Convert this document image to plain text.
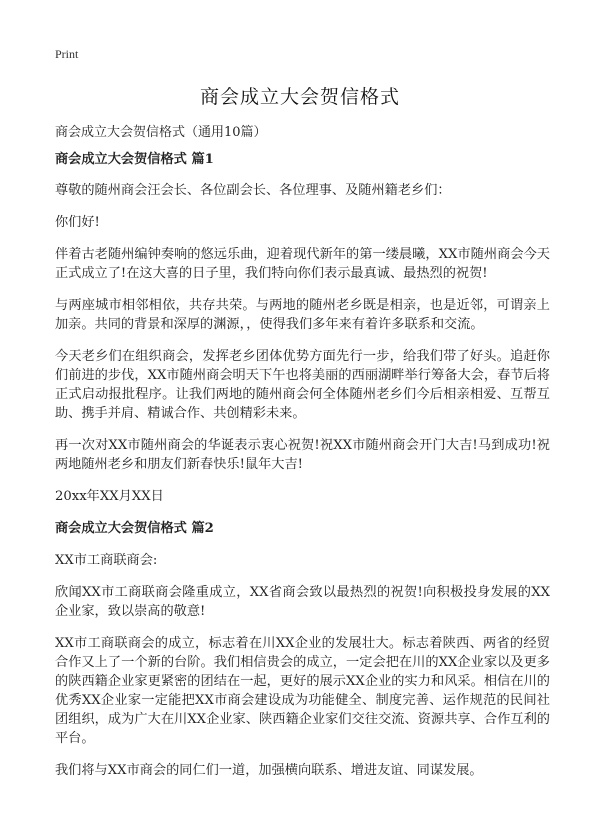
Print
商会成立大会贺信格式
商会成立大会贺信格式（通用10篇）

商会成立大会贺信格式 篇1

尊敬的随州商会汪会长、各位副会长、各位理事、及随州籍老乡们：

你们好!

伴着古老随州编钟奏响的悠远乐曲，迎着现代新年的第一缕晨曦，XX市随州商会今天正式成立了!在这大喜的日子里，我们特向你们表示最真诚、最热烈的祝贺!

与两座城市相邻相依，共存共荣。与两地的随州老乡既是相亲，也是近邻，可谓亲上加亲。共同的背景和深厚的渊源，，使得我们多年来有着许多联系和交流。

今天老乡们在组织商会，发挥老乡团体优势方面先行一步，给我们带了好头。追赶你们前进的步伐，XX市随州商会明天下午也将美丽的西丽湖畔举行筹备大会，春节后将正式启动报批程序。让我们两地的随州商会何全体随州老乡们今后相亲相爱、互帮互助、携手并肩、精诚合作、共创精彩未来。

再一次对XX市随州商会的华诞表示衷心祝贺!祝XX市随州商会开门大吉!马到成功!祝两地随州老乡和朋友们新春快乐!鼠年大吉!

20xx年XX月XX日

商会成立大会贺信格式 篇2

XX市工商联商会:

欣闻XX市工商联商会隆重成立，XX省商会致以最热烈的祝贺!向积极投身发展的XX企业家，致以崇高的敬意!

XX市工商联商会的成立，标志着在川XX企业的发展壮大。标志着陕西、两省的经贸合作又上了一个新的台阶。我们相信贵会的成立，一定会把在川的XX企业家以及更多的陕西籍企业家更紧密的团结在一起，更好的展示XX企业的实力和风采。相信在川的优秀XX企业家一定能把XX市商会建设成为功能健全、制度完善、运作规范的民间社团组织，成为广大在川XX企业家、陕西籍企业家们交往交流、资源共享、合作互利的平台。

我们将与XX市商会的同仁们一道，加强横向联系、增进友谊、同谋发展。
